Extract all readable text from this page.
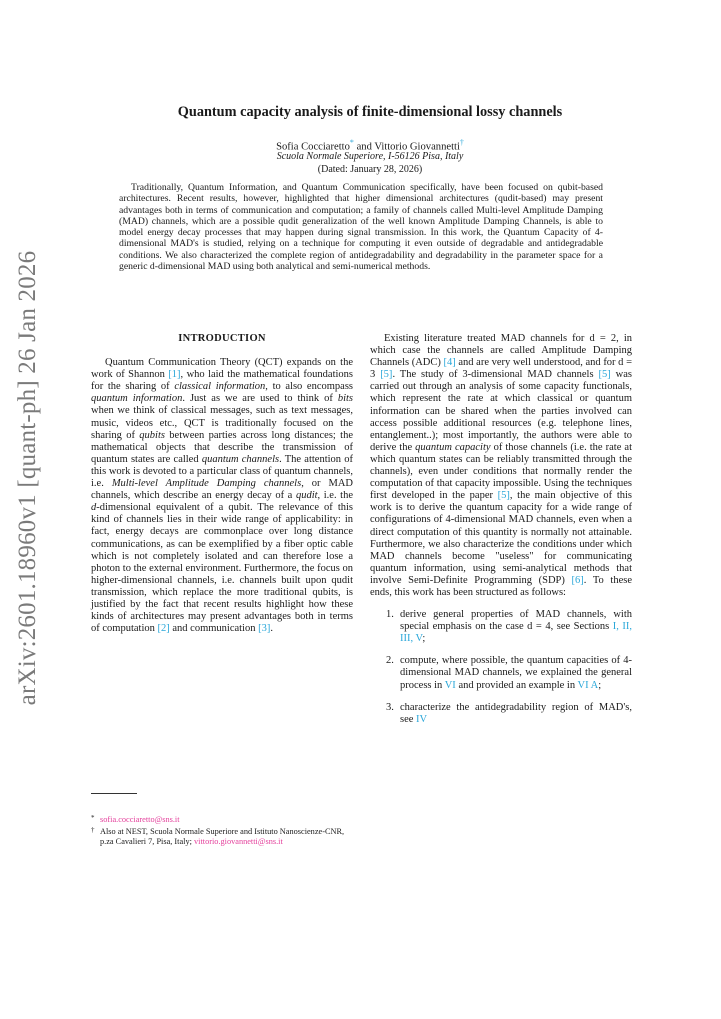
arXiv:2601.18960v1 [quant-ph] 26 Jan 2026
Quantum capacity analysis of finite-dimensional lossy channels
Sofia Cocciaretto* and Vittorio Giovannetti†
Scuola Normale Superiore, I-56126 Pisa, Italy
(Dated: January 28, 2026)
Traditionally, Quantum Information, and Quantum Communication specifically, have been focused on qubit-based architectures. Recent results, however, highlighted that higher dimensional architectures (qudit-based) may present advantages both in terms of communication and computation; a family of channels called Multi-level Amplitude Damping (MAD) channels, which are a possible qudit generalization of the well known Amplitude Damping Channels, is able to model energy decay processes that may happen during signal transmission. In this work, the Quantum Capacity of 4-dimensional MAD's is studied, relying on a technique for computing it even outside of degradable and antidegradable conditions. We also characterized the complete region of antidegradability and degradability in the parameter space for a generic d-dimensional MAD using both analytical and semi-numerical methods.
INTRODUCTION

Quantum Communication Theory (QCT) expands on the work of Shannon [1], who laid the mathematical foundations for the sharing of classical information, to also encompass quantum information. Just as we are used to think of bits when we think of classical messages, such as text messages, music, videos etc., QCT is traditionally focused on the sharing of qubits between parties across long distances; the mathematical objects that describe the transmission of quantum states are called quantum channels. The attention of this work is devoted to a particular class of quantum channels, i.e. Multi-level Amplitude Damping channels, or MAD channels, which describe an energy decay of a qudit, i.e. the d-dimensional equivalent of a qubit. The relevance of this kind of channels lies in their wide range of applicability: in fact, energy decays are commonplace over long distance communications, as can be exemplified by a fiber optic cable which is not completely isolated and can therefore lose a photon to the external environment. Furthermore, the focus on higher-dimensional channels, i.e. channels built upon qudit transmission, which replace the more traditional qubits, is justified by the fact that recent results highlight how these kinds of architectures may present advantages both in terms of computation [2] and communication [3].

Existing literature treated MAD channels for d = 2, in which case the channels are called Amplitude Damping Channels (ADC) [4] and are very well understood, and for d = 3 [5]. The study of 3-dimensional MAD channels [5] was carried out through an analysis of some capacity functionals, which represent the rate at which classical or quantum information can be shared when the parties involved can access possible additional resources (e.g. telephone lines, entanglement..); most importantly, the authors were able to derive the quantum capacity of those channels (i.e. the rate at which quantum states can be reliably transmitted through the channels), even under conditions that normally render the computation of that capacity impossible. Using the techniques first developed in the paper [5], the main objective of this work is to derive the quantum capacity for a wide range of configurations of 4-dimensional MAD channels, even when a direct computation of this quantity is normally not attainable. Furthermore, we also characterize the conditions under which MAD channels become "useless" for communicating quantum information, using semi-analytical methods that involve Semi-Definite Programming (SDP) [6]. To these ends, this work has been structured as follows:

1. derive general properties of MAD channels, with special emphasis on the case d = 4, see Sections I, II, III, V;
2. compute, where possible, the quantum capacities of 4-dimensional MAD channels, we explained the general process in VI and provided an example in VI A;
3. characterize the antidegradability region of MAD's, see IV
* sofia.cocciaretto@sns.it
† Also at NEST, Scuola Normale Superiore and Istituto Nanoscienze-CNR, p.za Cavalieri 7, Pisa, Italy; vittorio.giovannetti@sns.it
